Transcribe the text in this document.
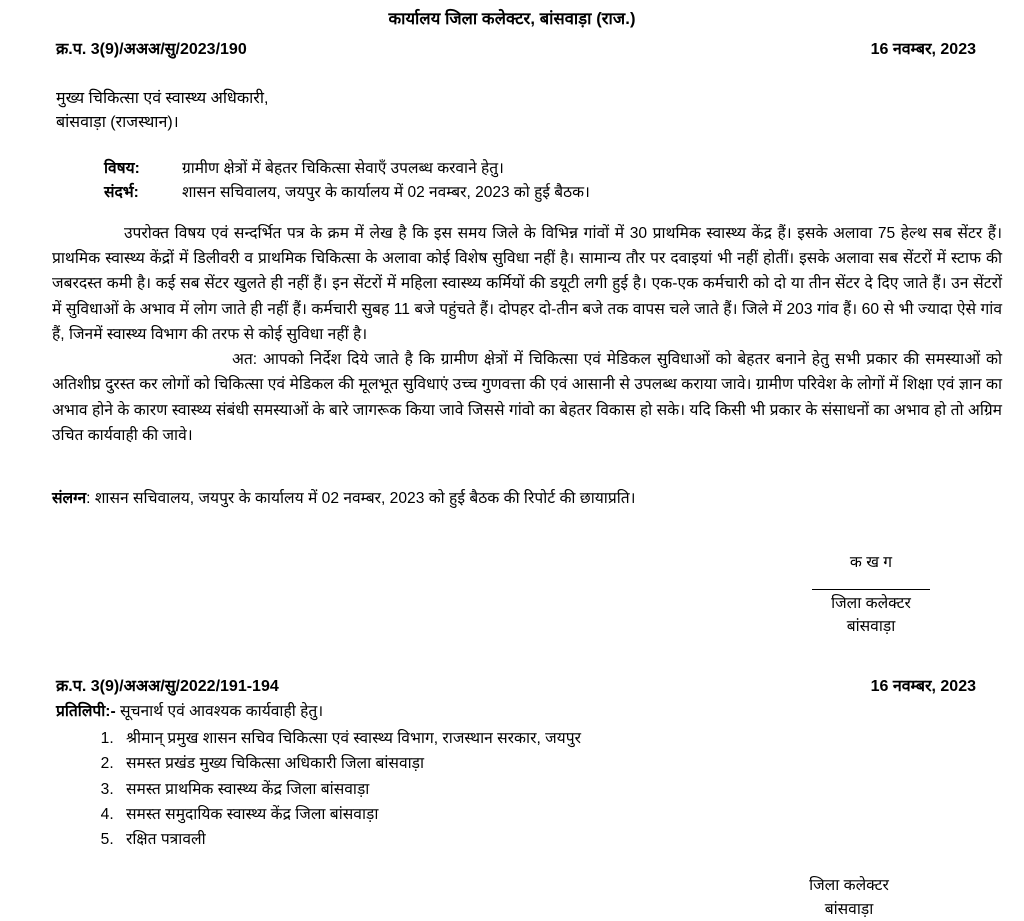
कार्यालय जिला कलेक्टर, बांसवाड़ा (राज.)
क्र.प. 3(9)/अअअ/सु/2023/190	16 नवम्बर, 2023
मुख्य चिकित्सा एवं स्वास्थ्य अधिकारी,
बांसवाड़ा (राजस्थान)।
विषय:	ग्रामीण क्षेत्रों में बेहतर चिकित्सा सेवाएँ उपलब्ध करवाने हेतु।
संदर्भ:	शासन सचिवालय, जयपुर के कार्यालय में 02 नवम्बर, 2023 को हुई बैठक।

उपरोक्त विषय एवं सन्दर्भित पत्र के क्रम में लेख है कि इस समय जिले के विभिन्न गांवों में 30 प्राथमिक स्वास्थ्य केंद्र हैं। इसके अलावा 75 हेल्थ सब सेंटर हैं। प्राथमिक स्वास्थ्य केंद्रों में डिलीवरी व प्राथमिक चिकित्सा के अलावा कोई विशेष सुविधा नहीं है। सामान्य तौर पर दवाइयां भी नहीं होतीं। इसके अलावा सब सेंटरों में स्टाफ की जबरदस्त कमी है। कई सब सेंटर खुलते ही नहीं हैं। इन सेंटरों में महिला स्वास्थ्य कर्मियों की डयूटी लगी हुई है। एक-एक कर्मचारी को दो या तीन सेंटर दे दिए जाते हैं। उन सेंटरों में सुविधाओं के अभाव में लोग जाते ही नहीं हैं। कर्मचारी सुबह 11 बजे पहुंचते हैं। दोपहर दो-तीन बजे तक वापस चले जाते हैं। जिले में 203 गांव हैं। 60 से भी ज्यादा ऐसे गांव हैं, जिनमें स्वास्थ्य विभाग की तरफ से कोई सुविधा नहीं है।

अत: आपको निर्देश दिये जाते है कि ग्रामीण क्षेत्रों में चिकित्सा एवं मेडिकल सुविधाओं को बेहतर बनाने हेतु सभी प्रकार की समस्याओं को अतिशीघ्र दुरस्त कर लोगों को चिकित्सा एवं मेडिकल की मूलभूत सुविधाएं उच्च गुणवत्ता की एवं आसानी से उपलब्ध कराया जावे। ग्रामीण परिवेश के लोगों में शिक्षा एवं ज्ञान का अभाव होने के कारण स्वास्थ्य संबंधी समस्याओं के बारे जागरूक किया जावे जिससे गांवो का बेहतर विकास हो सके। यदि किसी भी प्रकार के संसाधनों का अभाव हो तो अग्रिम उचित कार्यवाही की जावे।

संलग्न: शासन सचिवालय, जयपुर के कार्यालय में 02 नवम्बर, 2023 को हुई बैठक की रिपोर्ट की छायाप्रति।
क ख ग
जिला कलेक्टर
बांसवाड़ा
क्र.प. 3(9)/अअअ/सु/2022/191-194	16 नवम्बर, 2023
प्रतिलिपी:- सूचनार्थ एवं आवश्यक कार्यवाही हेतु।
1. श्रीमान् प्रमुख शासन सचिव चिकित्सा एवं स्वास्थ्य विभाग, राजस्थान सरकार, जयपुर
2. समस्त प्रखंड मुख्य चिकित्सा अधिकारी जिला बांसवाड़ा
3. समस्त प्राथमिक स्वास्थ्य केंद्र जिला बांसवाड़ा
4. समस्त समुदायिक स्वास्थ्य केंद्र जिला बांसवाड़ा
5. रक्षित पत्रावली
जिला कलेक्टर
बांसवाड़ा
